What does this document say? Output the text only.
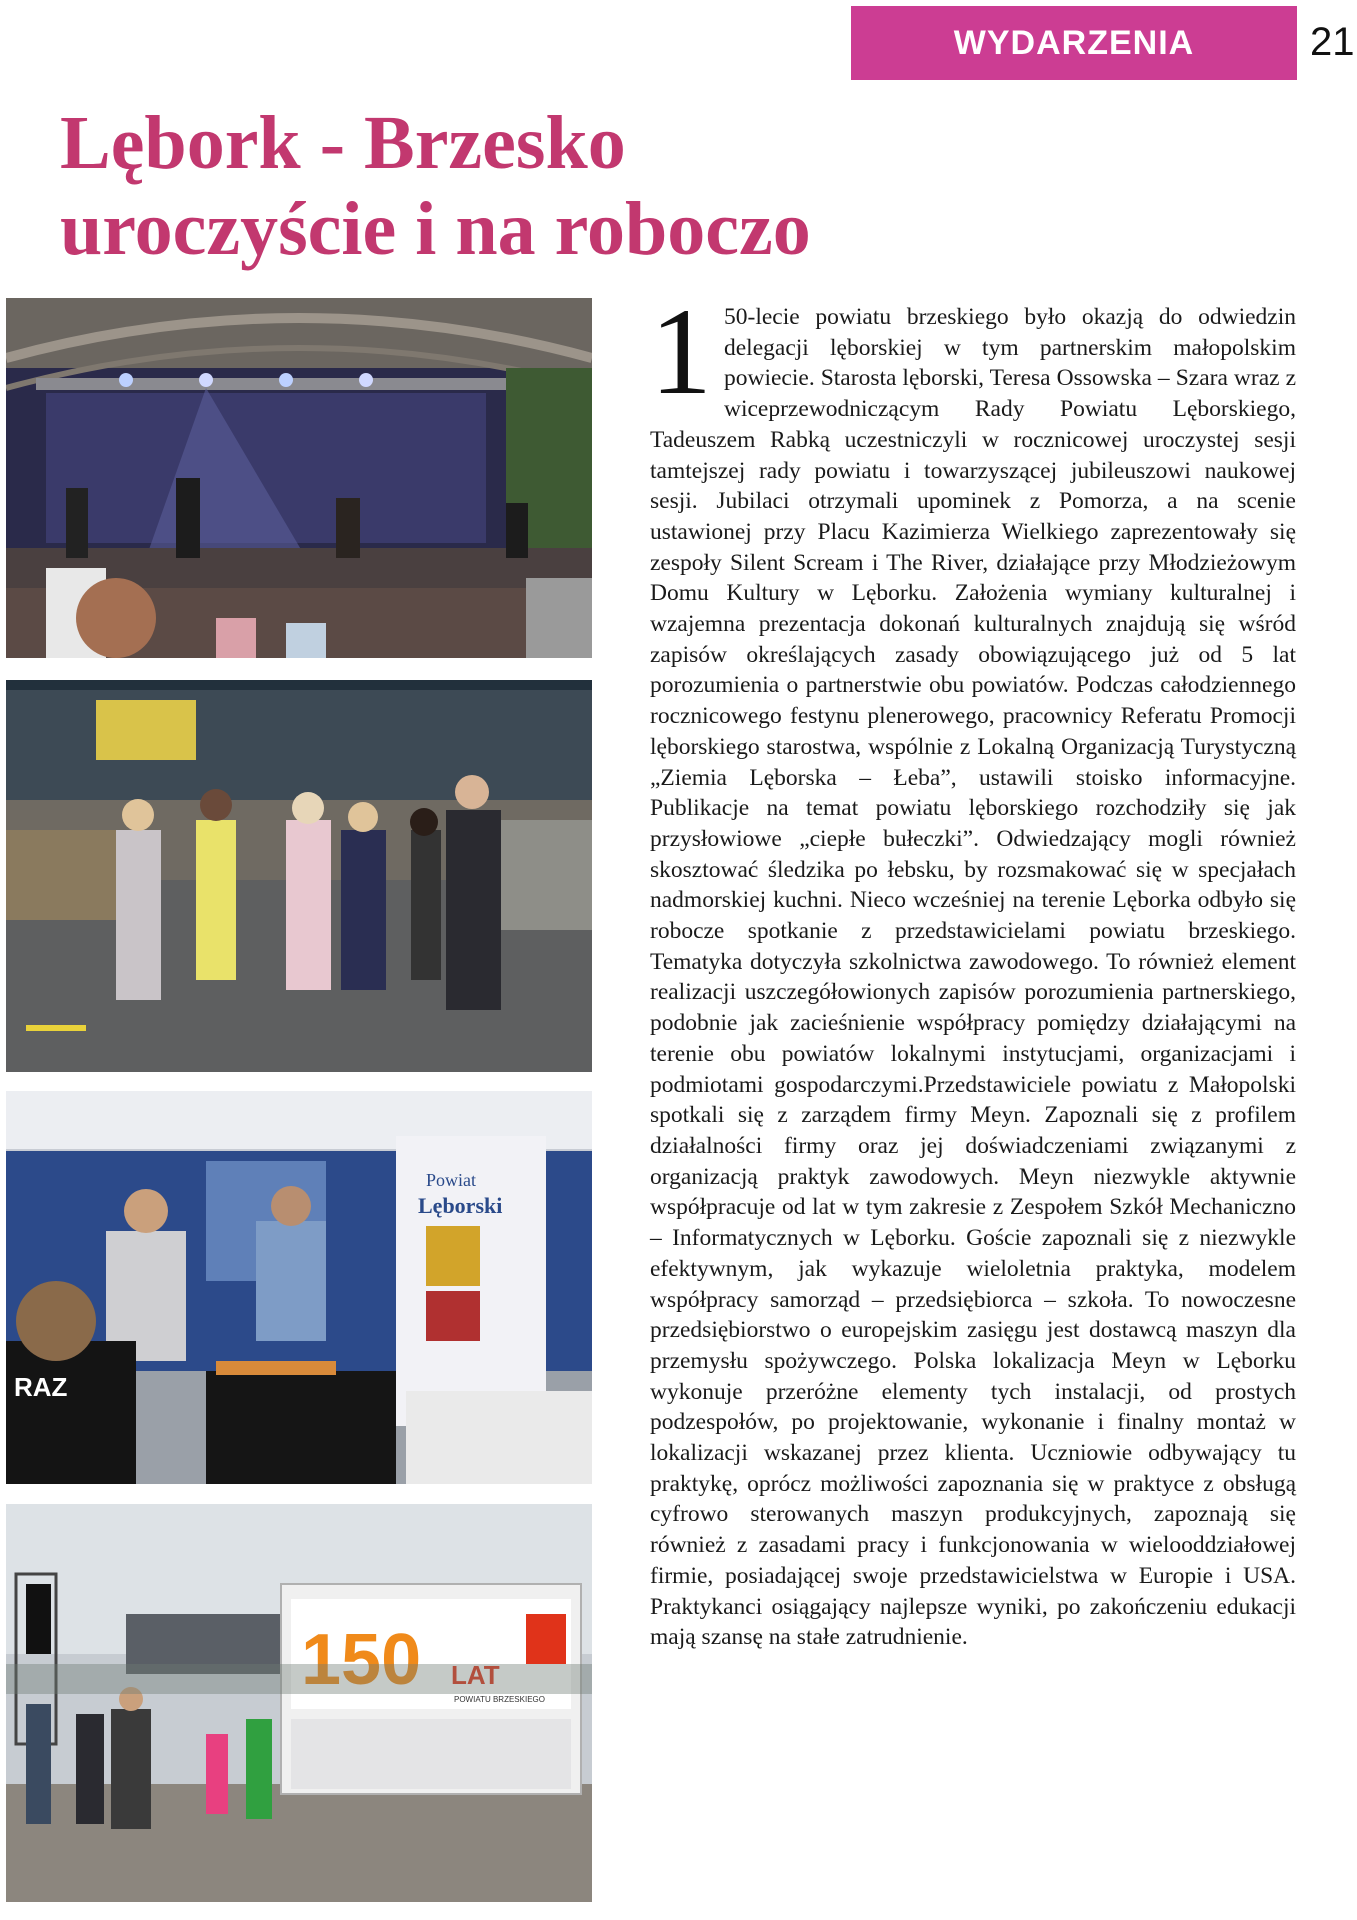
WYDARZENIA	21
Lębork - Brzesko
uroczyście i na roboczo
Powiat
Lęborski
RAZ
150 LAT
POWIATU BRZESKIEGO
1 50-lecie powiatu brzeskiego było okazją do odwiedzin delegacji lęborskiej w tym partnerskim małopolskim powiecie. Starosta lęborski, Teresa Ossowska – Szara wraz z wiceprzewodniczącym Rady Powiatu Lęborskiego, Tadeuszem Rabką uczestniczyli w rocznicowej uroczystej sesji tamtejszej rady powiatu i towarzyszącej jubileuszowi naukowej sesji. Jubilaci otrzymali upominek z Pomorza, a na scenie ustawionej przy Placu Kazimierza Wielkiego zaprezentowały się zespoły Silent Scream i The River, działające przy Młodzieżowym Domu Kultury w Lęborku. Założenia wymiany kulturalnej i wzajemna prezentacja dokonań kulturalnych znajdują się wśród zapisów określających zasady obowiązującego już od 5 lat porozumienia o partnerstwie obu powiatów. Podczas całodziennego rocznicowego festynu plenerowego, pracownicy Referatu Promocji lęborskiego starostwa, wspólnie z Lokalną Organizacją Turystyczną „Ziemia Lęborska – Łeba”, ustawili stoisko informacyjne. Publikacje na temat powiatu lęborskiego rozchodziły się jak przysłowiowe „ciepłe bułeczki”. Odwiedzający mogli również skosztować śledzika po łebsku, by rozsmakować się w specjałach nadmorskiej kuchni. Nieco wcześniej na terenie Lęborka odbyło się robocze spotkanie z przedstawicielami powiatu brzeskiego. Tematyka dotyczyła szkolnictwa zawodowego. To również element realizacji uszczegółowionych zapisów porozumienia partnerskiego, podobnie jak zacieśnienie współpracy pomiędzy działającymi na terenie obu powiatów lokalnymi instytucjami, organizacjami i podmiotami gospodarczymi.Przedstawiciele powiatu z Małopolski spotkali się z zarządem firmy Meyn. Zapoznali się z profilem działalności firmy oraz jej doświadczeniami związanymi z organizacją praktyk zawodowych. Meyn niezwykle aktywnie współpracuje od lat w tym zakresie z Zespołem Szkół Mechaniczno – Informatycznych w Lęborku. Goście zapoznali się z niezwykle efektywnym, jak wykazuje wieloletnia praktyka, modelem współpracy samorząd – przedsiębiorca – szkoła. To nowoczesne przedsiębiorstwo o europejskim zasięgu jest dostawcą maszyn dla przemysłu spożywczego. Polska lokalizacja Meyn w Lęborku wykonuje przeróżne elementy tych instalacji, od prostych podzespołów, po projektowanie, wykonanie i finalny montaż w lokalizacji wskazanej przez klienta. Uczniowie odbywający tu praktykę, oprócz możliwości zapoznania się w praktyce z obsługą cyfrowo sterowanych maszyn produkcyjnych, zapoznają się również z zasadami pracy i funkcjonowania w wielooddziałowej firmie, posiadającej swoje przedstawicielstwa w Europie i USA. Praktykanci osiągający najlepsze wyniki, po zakończeniu edukacji mają szansę na stałe zatrudnienie.
